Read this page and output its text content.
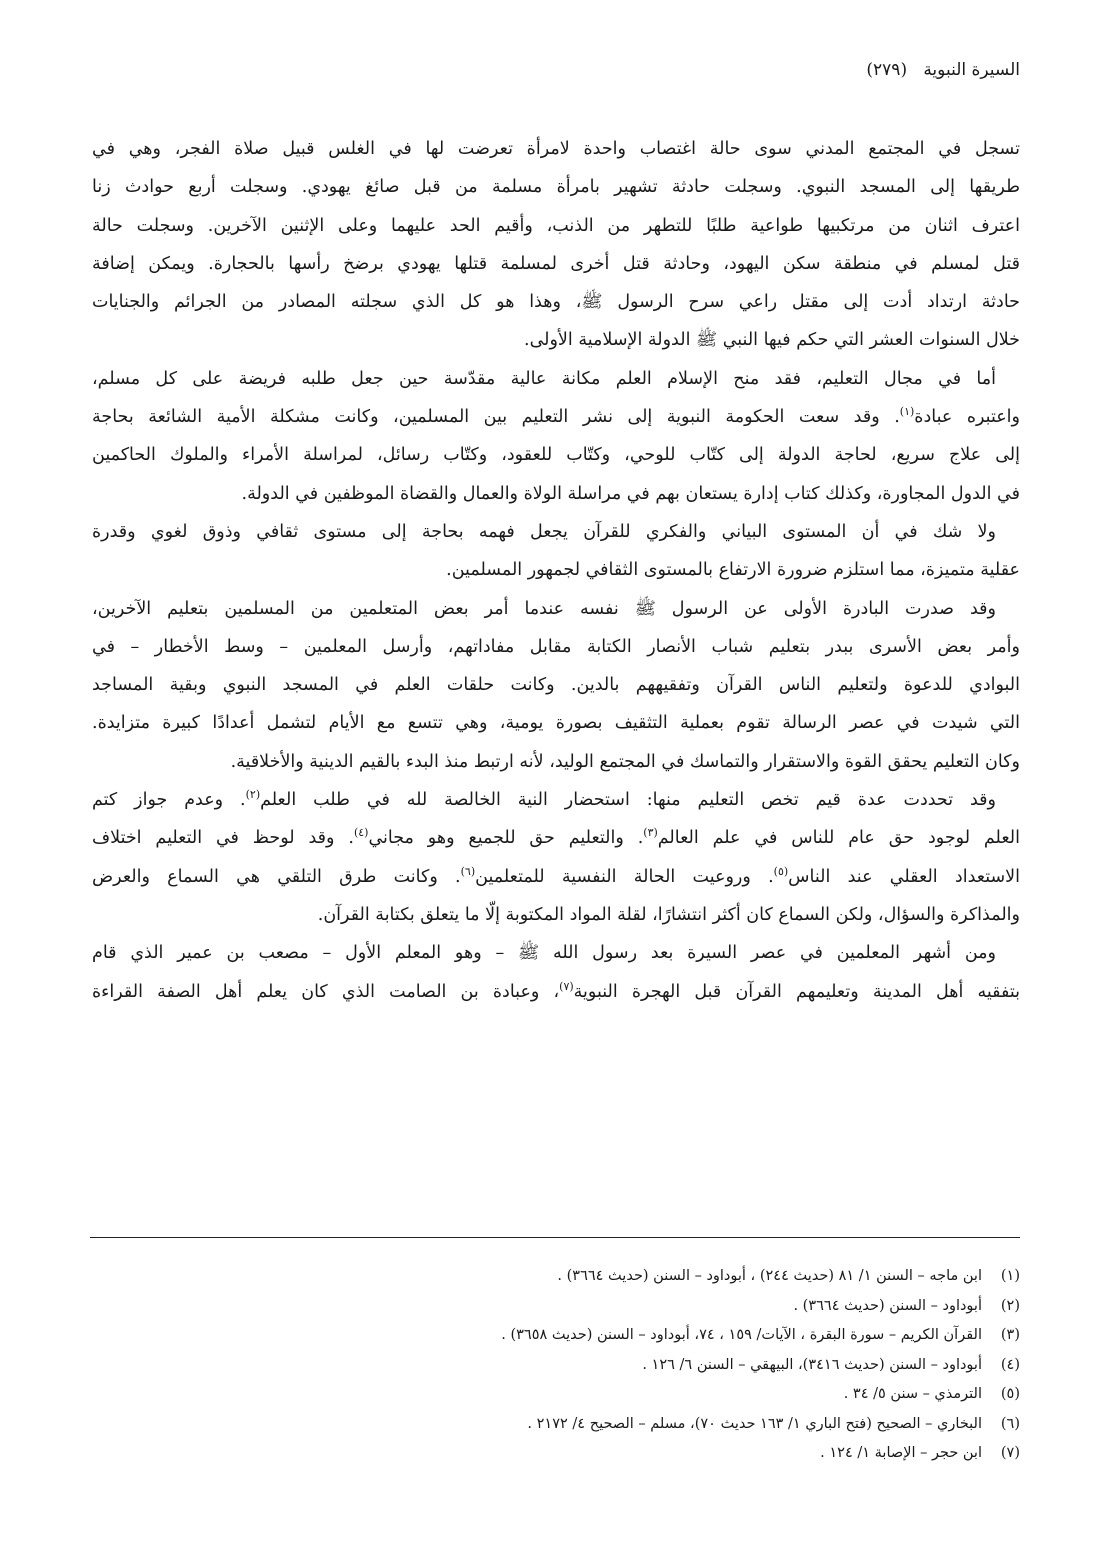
السيرة النبوية   (٢٧٩)
تسجل في المجتمع المدني سوى حالة اغتصاب واحدة لامرأة تعرضت لها في الغلس قبيل صلاة الفجر، وهي في
طريقها إلى المسجد النبوي. وسجلت حادثة تشهير بامرأة مسلمة من قبل صائغ يهودي. وسجلت أربع حوادث زنا
اعترف اثنان من مرتكبيها طواعية طلبًا للتطهر من الذنب، وأقيم الحد عليهما وعلى الإثنين الآخرين. وسجلت حالة
قتل لمسلم في منطقة سكن اليهود، وحادثة قتل أخرى لمسلمة قتلها يهودي برضخ رأسها بالحجارة. ويمكن إضافة
حادثة ارتداد أدت إلى مقتل راعي سرح الرسول ﷺ، وهذا هو كل الذي سجلته المصادر من الجرائم والجنايات
خلال السنوات العشر التي حكم فيها النبي ﷺ الدولة الإسلامية الأولى.
أما في مجال التعليم، فقد منح الإسلام العلم مكانة عالية مقدّسة حين جعل طلبه فريضة على كل مسلم،
واعتبره عبادة$^{(١)}$. وقد سعت الحكومة النبوية إلى نشر التعليم بين المسلمين، وكانت مشكلة الأمية الشائعة بحاجة
إلى علاج سريع، لحاجة الدولة إلى كتّاب للوحي، وكتّاب للعقود، وكتّاب رسائل، لمراسلة الأمراء والملوك الحاكمين
في الدول المجاورة، وكذلك كتاب إدارة يستعان بهم في مراسلة الولاة والعمال والقضاة الموظفين في الدولة.
ولا شك في أن المستوى البياني والفكري للقرآن يجعل فهمه بحاجة إلى مستوى ثقافي وذوق لغوي وقدرة
عقلية متميزة، مما استلزم ضرورة الارتفاع بالمستوى الثقافي لجمهور المسلمين.
وقد صدرت البادرة الأولى عن الرسول ﷺ نفسه عندما أمر بعض المتعلمين من المسلمين بتعليم الآخرين،
وأمر بعض الأسرى ببدر بتعليم شباب الأنصار الكتابة مقابل مفاداتهم، وأرسل المعلمين – وسط الأخطار – في
البوادي للدعوة ولتعليم الناس القرآن وتفقيههم بالدين. وكانت حلقات العلم في المسجد النبوي وبقية المساجد
التي شيدت في عصر الرسالة تقوم بعملية التثقيف بصورة يومية، وهي تتسع مع الأيام لتشمل أعدادًا كبيرة متزايدة.
وكان التعليم يحقق القوة والاستقرار والتماسك في المجتمع الوليد، لأنه ارتبط منذ البدء بالقيم الدينية والأخلاقية.
وقد تحددت عدة قيم تخص التعليم منها: استحضار النية الخالصة لله في طلب العلم$^{(٢)}$. وعدم جواز كتم
العلم لوجود حق عام للناس في علم العالم$^{(٣)}$. والتعليم حق للجميع وهو مجاني$^{(٤)}$. وقد لوحظ في التعليم اختلاف
الاستعداد العقلي عند الناس$^{(٥)}$. وروعيت الحالة النفسية للمتعلمين$^{(٦)}$. وكانت طرق التلقي هي السماع والعرض
والمذاكرة والسؤال، ولكن السماع كان أكثر انتشارًا، لقلة المواد المكتوبة إلّا ما يتعلق بكتابة القرآن.
ومن أشهر المعلمين في عصر السيرة بعد رسول الله ﷺ – وهو المعلم الأول – مصعب بن عمير الذي قام
بتفقيه أهل المدينة وتعليمهم القرآن قبل الهجرة النبوية$^{(٧)}$، وعبادة بن الصامت الذي كان يعلم أهل الصفة القراءة
(١)
ابن ماجه – السنن ١/ ٨١ (حديث ٢٤٤) ، أبوداود – السنن (حديث ٣٦٦٤) .
(٢)
أبوداود – السنن (حديث ٣٦٦٤) .
(٣)
القرآن الكريم – سورة البقرة ، الآيات/ ١٥٩ ، ٧٤، أبوداود – السنن (حديث ٣٦٥٨) .
(٤)
أبوداود – السنن (حديث ٣٤١٦)، البيهقي – السنن ٦/ ١٢٦ .
(٥)
الترمذي – سنن ٥/ ٣٤ .
(٦)
البخاري – الصحيح (فتح الباري ١/ ١٦٣ حديث ٧٠)، مسلم – الصحيح ٤/ ٢١٧٢ .
(٧)
ابن حجر – الإصابة ١/ ١٢٤ .
